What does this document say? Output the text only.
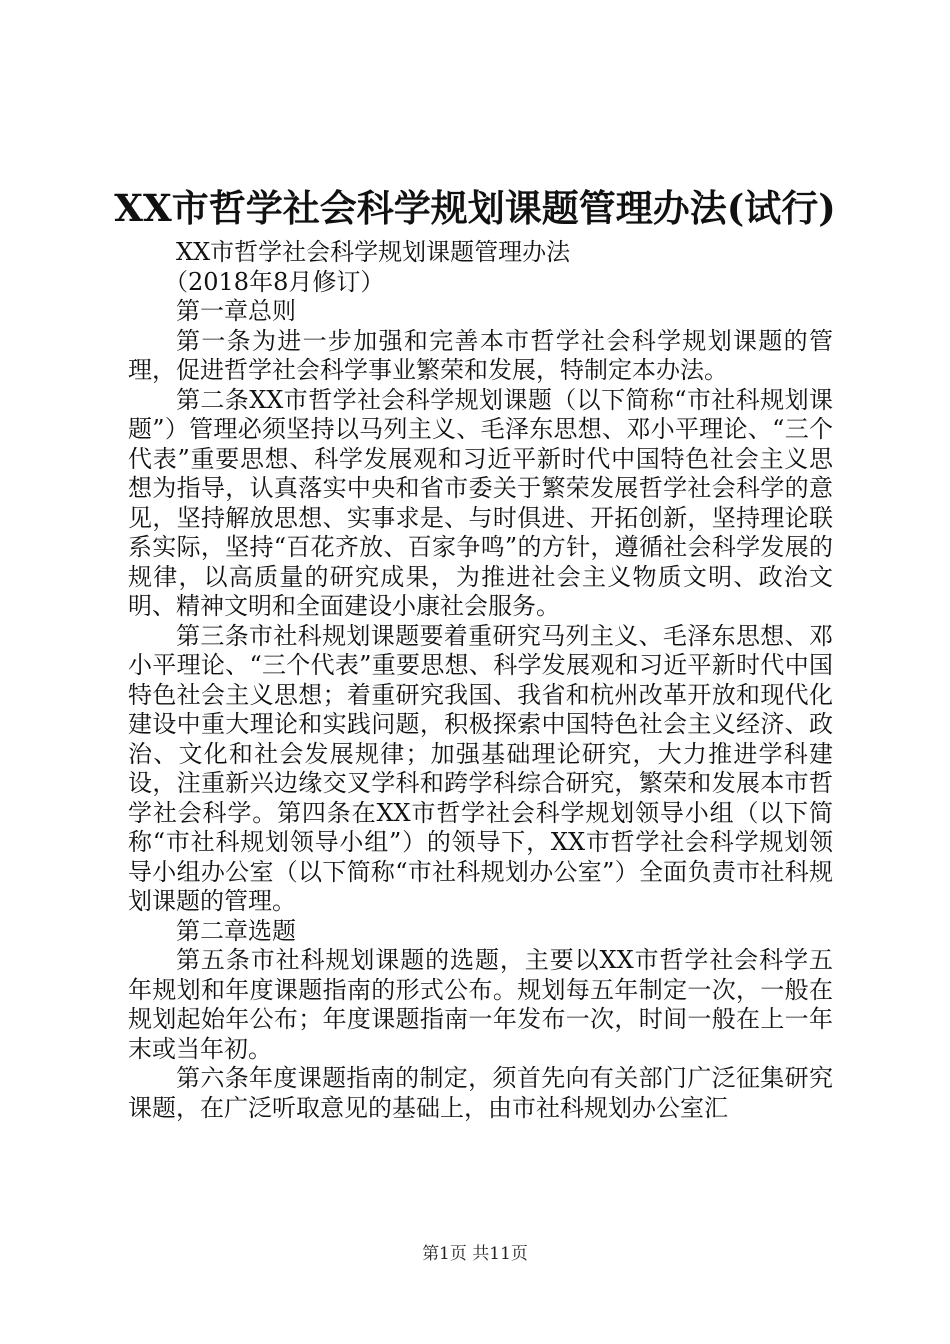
XX市哲学社会科学规划课题管理办法(试行)

XX市哲学社会科学规划课题管理办法

（2018年8月修订）

第一章总则

第一条为进一步加强和完善本市哲学社会科学规划课题的管理，促进哲学社会科学事业繁荣和发展，特制定本办法。

第二条XX市哲学社会科学规划课题（以下简称“市社科规划课题”）管理必须坚持以马列主义、毛泽东思想、邓小平理论、“三个代表”重要思想、科学发展观和习近平新时代中国特色社会主义思想为指导，认真落实中央和省市委关于繁荣发展哲学社会科学的意见，坚持解放思想、实事求是、与时俱进、开拓创新，坚持理论联系实际，坚持“百花齐放、百家争鸣”的方针，遵循社会科学发展的规律，以高质量的研究成果，为推进社会主义物质文明、政治文明、精神文明和全面建设小康社会服务。

第三条市社科规划课题要着重研究马列主义、毛泽东思想、邓小平理论、“三个代表”重要思想、科学发展观和习近平新时代中国特色社会主义思想；着重研究我国、我省和杭州改革开放和现代化建设中重大理论和实践问题，积极探索中国特色社会主义经济、政治、文化和社会发展规律；加强基础理论研究，大力推进学科建设，注重新兴边缘交叉学科和跨学科综合研究，繁荣和发展本市哲学社会科学。第四条在XX市哲学社会科学规划领导小组（以下简称“市社科规划领导小组”）的领导下，XX市哲学社会科学规划领导小组办公室（以下简称“市社科规划办公室”）全面负责市社科规划课题的管理。

第二章选题

第五条市社科规划课题的选题，主要以XX市哲学社会科学五年规划和年度课题指南的形式公布。规划每五年制定一次，一般在规划起始年公布；年度课题指南一年发布一次，时间一般在上一年末或当年初。

第六条年度课题指南的制定，须首先向有关部门广泛征集研究课题，在广泛听取意见的基础上，由市社科规划办公室汇

第1页 共11页
